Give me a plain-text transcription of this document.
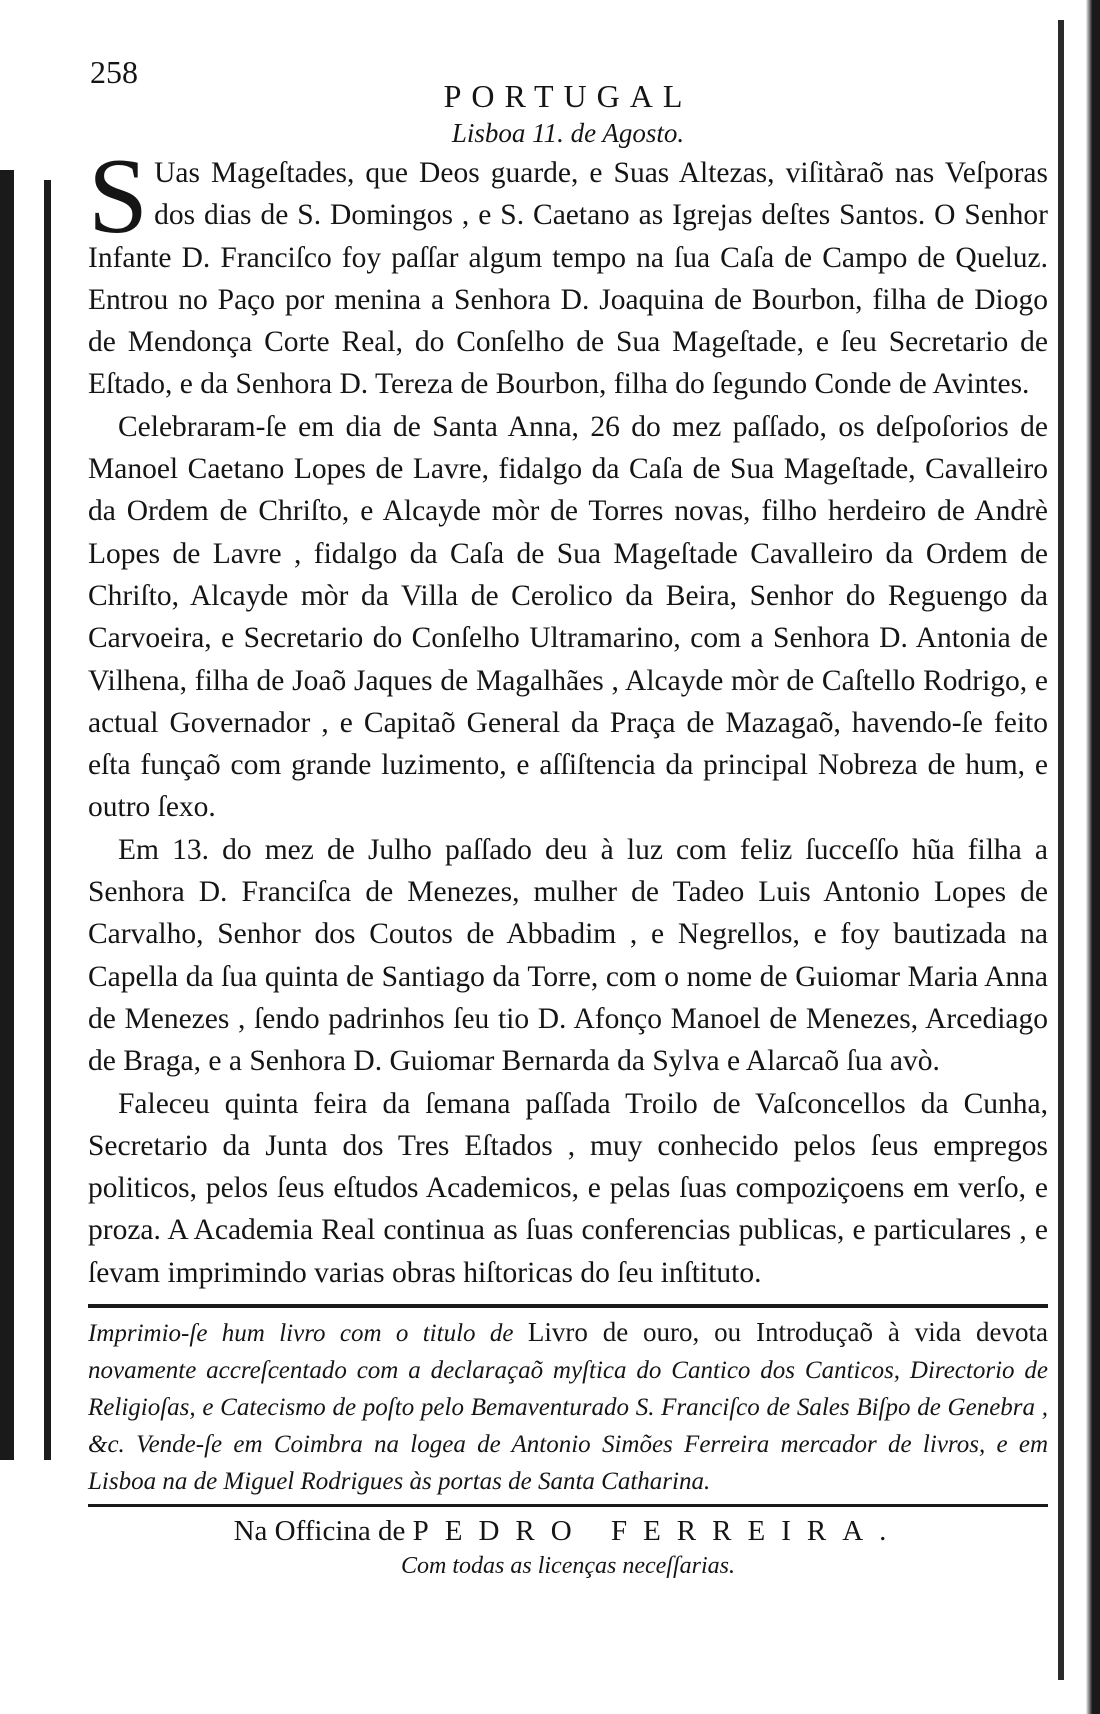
258
PORTUGAL
Lisboa 11. de Agosto.

S Uas Mageſtades, que Deos guarde, e Suas Altezas, viſitàraõ nas Veſporas dos dias de S. Domingos , e S. Caetano as Igrejas deſtes Santos. O Senhor Infante D. Franciſco foy paſſar algum tempo na ſua Caſa de Campo de Queluz. Entrou no Paço por menina a Senhora D. Joaquina de Bourbon, filha de Diogo de Mendonça Corte Real, do Conſelho de Sua Mageſtade, e ſeu Secretario de Eſtado, e da Senhora D. Tereza de Bourbon, filha do ſegundo Conde de Avintes.

Celebraram-ſe em dia de Santa Anna, 26 do mez paſſado, os deſpoſorios de Manoel Caetano Lopes de Lavre, fidalgo da Caſa de Sua Mageſtade, Cavalleiro da Ordem de Chriſto, e Alcayde mòr de Torres novas, filho herdeiro de Andrè Lopes de Lavre , fidalgo da Caſa de Sua Mageſtade Cavalleiro da Ordem de Chriſto, Alcayde mòr da Villa de Cerolico da Beira, Senhor do Reguengo da Carvoeira, e Secretario do Conſelho Ultramarino, com a Senhora D. Antonia de Vilhena, filha de Joaõ Jaques de Magalhães , Alcayde mòr de Caſtello Rodrigo, e actual Governador , e Capitaõ General da Praça de Mazagaõ, havendo-ſe feito eſta funçaõ com grande luzimento, e aſſiſtencia da principal Nobreza de hum, e outro ſexo.

Em 13. do mez de Julho paſſado deu à luz com feliz ſucceſſo hũa filha a Senhora D. Franciſca de Menezes, mulher de Tadeo Luis Antonio Lopes de Carvalho, Senhor dos Coutos de Abbadim , e Negrellos, e foy bautizada na Capella da ſua quinta de Santiago da Torre, com o nome de Guiomar Maria Anna de Menezes , ſendo padrinhos ſeu tio D. Afonço Manoel de Menezes, Arcediago de Braga, e a Senhora D. Guiomar Bernarda da Sylva e Alarcaõ ſua avò.

Faleceu quinta feira da ſemana paſſada Troilo de Vaſconcellos da Cunha, Secretario da Junta dos Tres Eſtados , muy conhecido pelos ſeus empregos politicos, pelos ſeus eſtudos Academicos, e pelas ſuas compoziçoens em verſo, e proza. A Academia Real continua as ſuas conferencias publicas, e particulares , e ſevam imprimindo varias obras hiſtoricas do ſeu inſtituto.

Imprimio-ſe hum livro com o titulo de Livro de ouro, ou Introduçaõ à vida devota novamente accreſcentado com a declaraçaõ myſtica do Cantico dos Canticos, Directorio de Religioſas, e Catecismo de poſto pelo Bemaventurado S. Franciſco de Sales Biſpo de Genebra , &c. Vende-ſe em Coimbra na logea de Antonio Simões Ferreira mercador de livros, e em Lisboa na de Miguel Rodrigues às portas de Santa Catharina.
Na Officina de PEDRO FERREIRA.
Com todas as licenças neceſſarias.
